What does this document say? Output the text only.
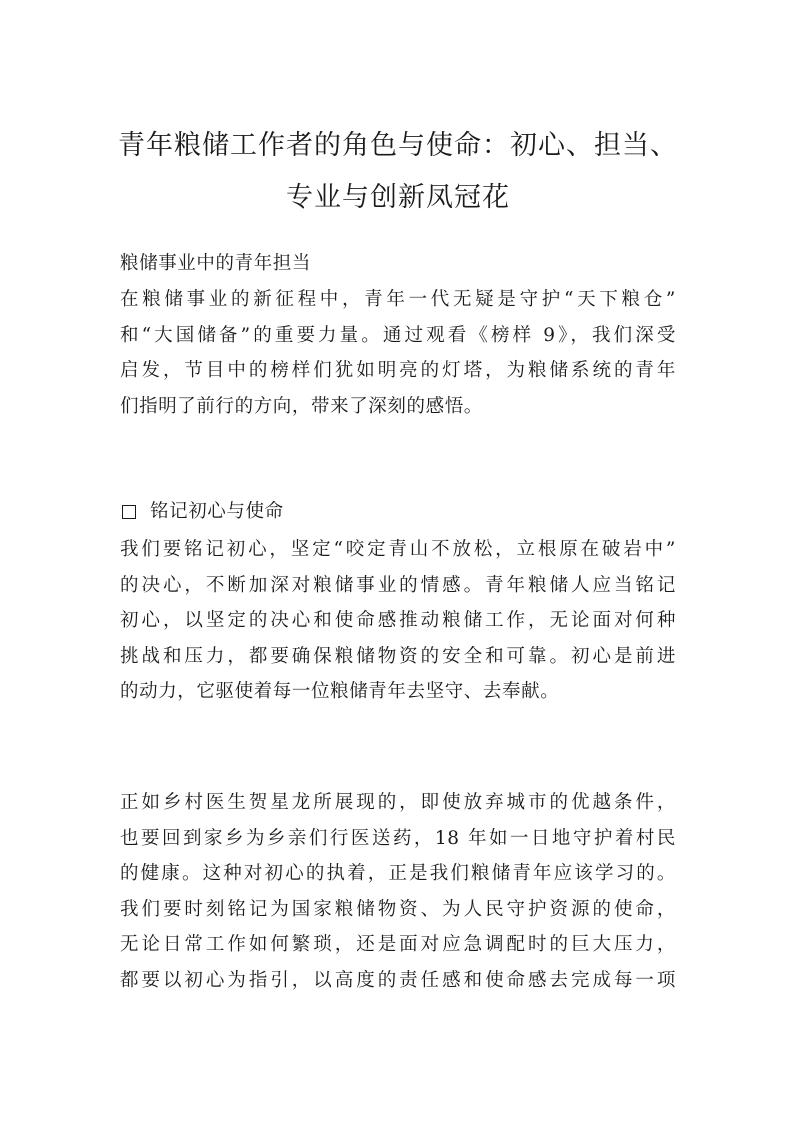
青年粮储工作者的角色与使命：初心、担当、
专业与创新凤冠花
粮储事业中的青年担当
在粮储事业的新征程中，青年一代无疑是守护“天下粮仓”
和“大国储备”的重要力量。通过观看《榜样 9》，我们深受
启发，节目中的榜样们犹如明亮的灯塔，为粮储系统的青年
们指明了前行的方向，带来了深刻的感悟。
铭记初心与使命
我们要铭记初心，坚定“咬定青山不放松，立根原在破岩中”
的决心，不断加深对粮储事业的情感。青年粮储人应当铭记
初心，以坚定的决心和使命感推动粮储工作，无论面对何种
挑战和压力，都要确保粮储物资的安全和可靠。初心是前进
的动力，它驱使着每一位粮储青年去坚守、去奉献。
正如乡村医生贺星龙所展现的，即使放弃城市的优越条件，
也要回到家乡为乡亲们行医送药，18 年如一日地守护着村民
的健康。这种对初心的执着，正是我们粮储青年应该学习的。
我们要时刻铭记为国家粮储物资、为人民守护资源的使命，
无论日常工作如何繁琐，还是面对应急调配时的巨大压力，
都要以初心为指引，以高度的责任感和使命感去完成每一项
